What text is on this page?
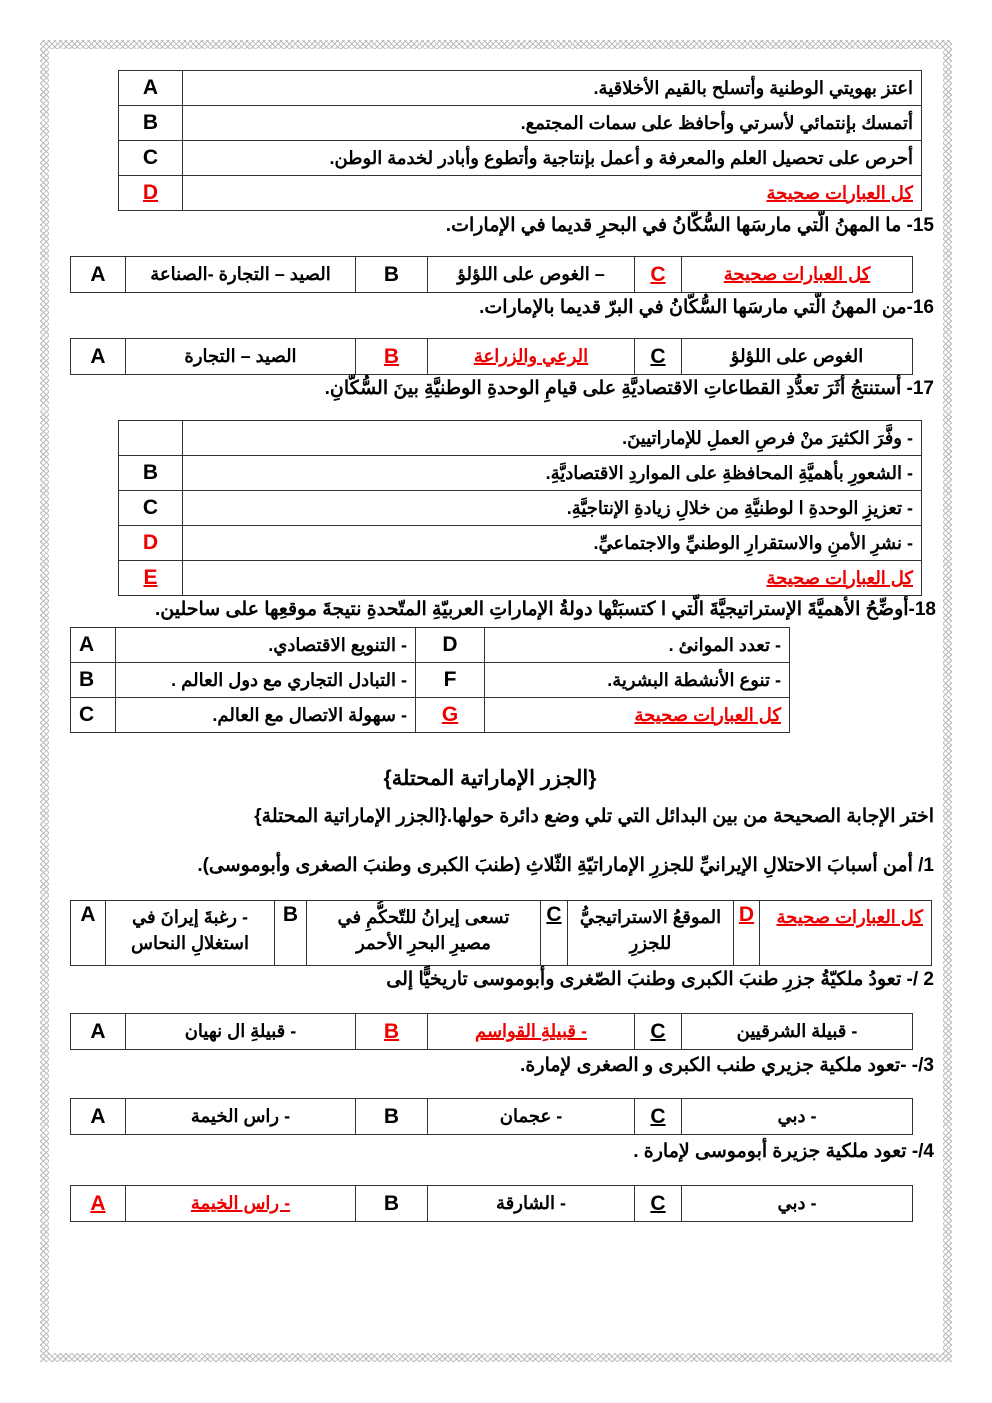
A	اعتز بهويتي الوطنية وأتسلح بالقيم الأخلاقية.
B	أتمسك بإنتمائي لأسرتي وأحافظ على سمات المجتمع.
C	أحرص على تحصيل العلم والمعرفة و أعمل بإنتاجية وأتطوع وأبادر لخدمة الوطن.
D	كل العبارات صحيحة
15- ما المهنُ الّتي مارسَها السُّكّانُ في البحرِ قديما في الإمارات.
A	الصيد – التجارة -الصناعة	B	– الغوص على اللؤلؤ	C	كل العبارات صحيحة
16-من المهنُ الّتي مارسَها السُّكّانُ في البرّ قديما بالإمارات.
A	الصيد – التجارة	B	الرعي والزراعة	C	الغوص على اللؤلؤ
17- أستنتجُ أثَرَ تعدُّدِ القطاعاتِ الاقتصاديَّةِ على قيامِ الوحدةِ الوطنيَّةِ بينَ السُّكّانِ.
	- وفَّرَ الكثيرَ منْ فرصِ العملِ للإماراتيينَ.
B	- الشعورِ بأهميَّةِ المحافظةِ على المواردِ الاقتصاديَّةِ.
C	- تعزيزِ الوحدةِ ا لوطنيَّةِ من خلالِ زيادةِ الإنتاجيَّةِ.
D	- نشرِ الأمنِ والاستقرارِ الوطنيِّ والاجتماعيِّ.
E	كل العبارات صحيحة
18-أوضِّحُ الأهميَّةَ الإستراتيجيَّةَ الّتي ا كتسبَتْها دولةُ الإماراتِ العربيّةِ المتّحدةِ نتيجةَ موقعِها على ساحلين.
A	- التنويع الاقتصادي.	D	- تعدد الموانئ .
B	- التبادل التجاري مع دول العالم .	F	- تنوع الأنشطة البشرية.
C	- سهولة الاتصال مع العالم.	G	كل العبارات صحيحة
{الجزر الإماراتية المحتلة}
اختر الإجابة الصحيحة من بين البدائل التي تلي وضع دائرة حولها.{الجزر الإماراتية المحتلة}
1/ أمن أسبابَ الاحتلالِ الإيرانيِّ للجزرِ الإماراتيّةِ الثّلاثِ (طنبَ الكبرى وطنبَ الصغرى وأبوموسى).
A	- رغبةَ إيرانَ في استغلالِ النحاس	B	تسعى إيرانُ للتّحكُّمِ في مصيرِ البحرِ الأحمر	C	الموقعُ الاستراتيجيُّ للجزرِ	D	كل العبارات صحيحة
2 /- تعودُ ملكيّةُ جزرِ طنبَ الكبرى وطنبَ الصّغرى وأبوموسى تاريخيًّا إلى
A	- قبيلةِ ال نهيان	B	- قبيلةِ القواسم	C	- قبيلة الشرقيين
3/- -تعود ملكية جزيري طنب الكبرى و الصغرى لإمارة.
A	- راس الخيمة	B	- عجمان	C	- دبي
4/- تعود ملكية جزيرة أبوموسى لإمارة .
A	- راس الخيمة	B	- الشارقة	C	- دبي
